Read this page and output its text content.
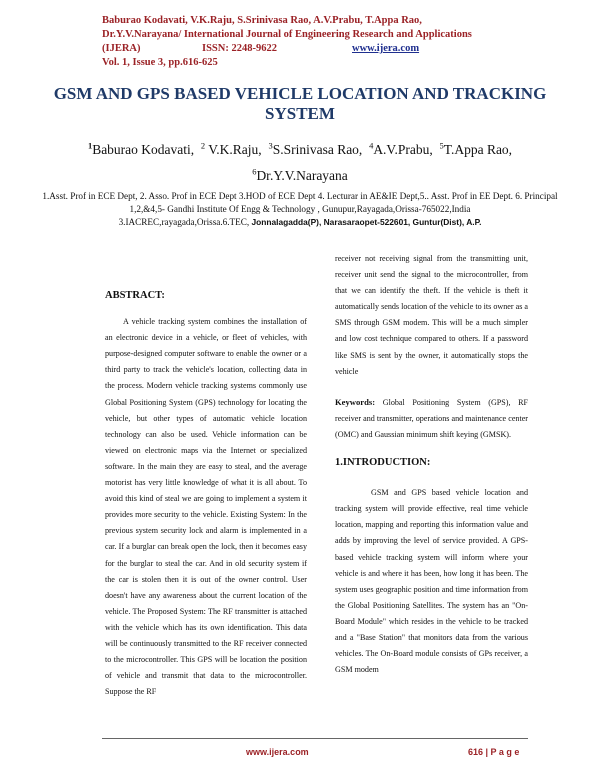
Baburao Kodavati, V.K.Raju, S.Srinivasa Rao, A.V.Prabu, T.Appa Rao,
Dr.Y.V.Narayana/ International Journal of Engineering Research and Applications
(IJERA)	ISSN: 2248-9622	www.ijera.com
Vol. 1, Issue 3, pp.616-625
GSM AND GPS BASED VEHICLE LOCATION AND TRACKING SYSTEM
$^1$Baburao Kodavati, $^2$ V.K.Raju, $^3$S.Srinivasa Rao, $^4$A.V.Prabu, $^5$T.Appa Rao,
$^6$Dr.Y.V.Narayana
1.Asst. Prof in ECE Dept, 2. Asso. Prof in ECE Dept 3.HOD of ECE Dept 4. Lecturar in AE&IE Dept,5.. Asst. Prof in EE Dept. 6. Principal
1,2,&4,5- Gandhi Institute Of Engg & Technology , Gunupur,Rayagada,Orissa-765022,India
3.IACREC,rayagada,Orissa.6.TEC, Jonnalagadda(P), Narasaraopet-522601, Guntur(Dist), A.P.

ABSTRACT:

A vehicle tracking system combines the installation of an electronic device in a vehicle, or fleet of vehicles, with purpose-designed computer software to enable the owner or a third party to track the vehicle's location, collecting data in the process. Modern vehicle tracking systems commonly use Global Positioning System (GPS) technology for locating the vehicle, but other types of automatic vehicle location technology can also be used. Vehicle information can be viewed on electronic maps via the Internet or specialized software. In the main they are easy to steal, and the average motorist has very little knowledge of what it is all about. To avoid this kind of steal we are going to implement a system it provides more security to the vehicle. Existing System: In the previous system security lock and alarm is implemented in a car. If a burglar can break open the lock, then it becomes easy for the burglar to steal the car. And in old security system if the car is stolen then it is out of the owner control. User doesn't have any awareness about the current location of the vehicle. The Proposed System: The RF transmitter is attached with the vehicle which has its own identification. This data will be continuously transmitted to the RF receiver connected to the microcontroller. This GPS will be location the position of vehicle and transmit that data to the microcontroller. Suppose the RF

receiver not receiving signal from the transmitting unit, receiver unit send the signal to the microcontroller, from that we can identify the theft. If the vehicle is theft it automatically sends location of the vehicle to its owner as a SMS through GSM modem. This will be a much simpler and low cost technique compared to others. If a password like SMS is sent by the owner, it automatically stops the vehicle

Keywords: Global Positioning System (GPS), RF receiver and transmitter, operations and maintenance center (OMC) and Gaussian minimum shift keying (GMSK).

1.INTRODUCTION:

GSM and GPS based vehicle location and tracking system will provide effective, real time vehicle location, mapping and reporting this information value and adds by improving the level of service provided. A GPS-based vehicle tracking system will inform where your vehicle is and where it has been, how long it has been. The system uses geographic position and time information from the Global Positioning Satellites. The system has an "On-Board Module" which resides in the vehicle to be tracked and a "Base Station" that monitors data from the various vehicles. The On-Board module consists of GPs receiver, a GSM modem

www.ijera.com	616 | P a g e
